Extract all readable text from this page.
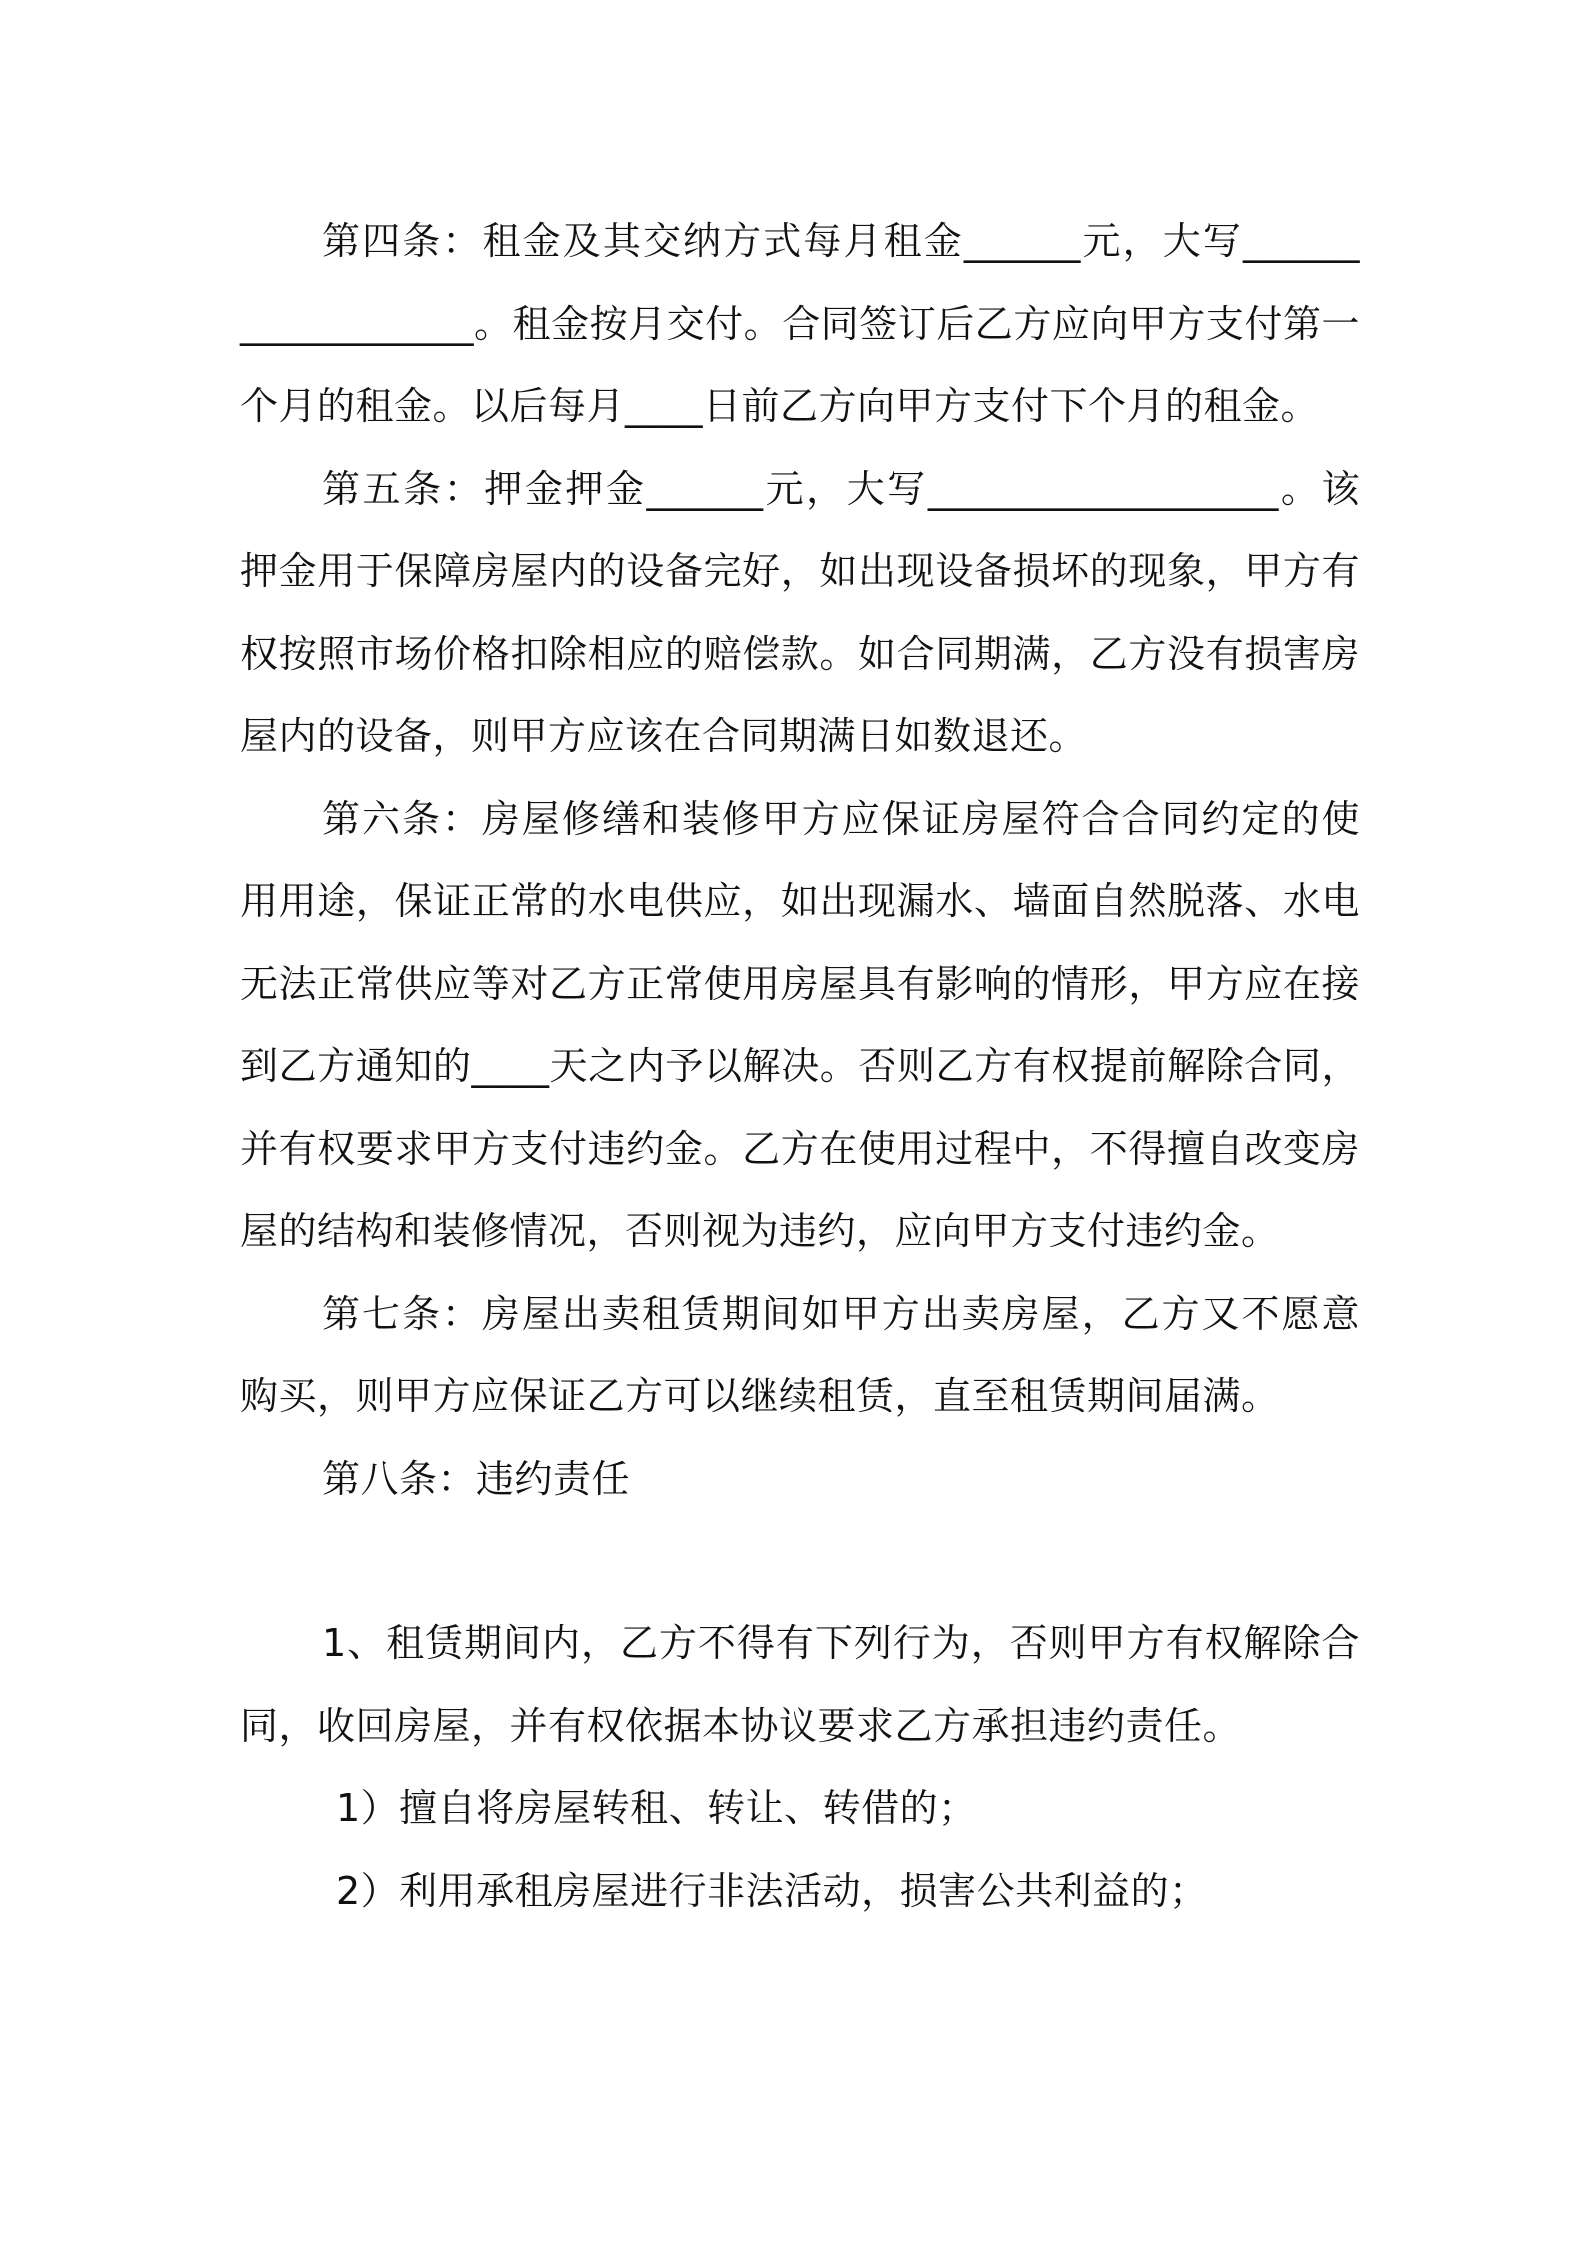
第四条：租金及其交纳方式每月租金______元，大写______ ____________。租金按月交付。合同签订后乙方应向甲方支付第一个月的租金。以后每月____日前乙方向甲方支付下个月的租金。

第五条：押金押金______元，大写__________________。该押金用于保障房屋内的设备完好，如出现设备损坏的现象，甲方有权按照市场价格扣除相应的赔偿款。如合同期满，乙方没有损害房屋内的设备，则甲方应该在合同期满日如数退还。

第六条：房屋修缮和装修甲方应保证房屋符合合同约定的使用用途，保证正常的水电供应，如出现漏水、墙面自然脱落、水电无法正常供应等对乙方正常使用房屋具有影响的情形，甲方应在接到乙方通知的____天之内予以解决。否则乙方有权提前解除合同，并有权要求甲方支付违约金。乙方在使用过程中，不得擅自改变房屋的结构和装修情况，否则视为违约，应向甲方支付违约金。

第七条：房屋出卖租赁期间如甲方出卖房屋，乙方又不愿意购买，则甲方应保证乙方可以继续租赁，直至租赁期间届满。

第八条：违约责任

1、租赁期间内，乙方不得有下列行为，否则甲方有权解除合同，收回房屋，并有权依据本协议要求乙方承担违约责任。

1）擅自将房屋转租、转让、转借的；

2）利用承租房屋进行非法活动，损害公共利益的；
